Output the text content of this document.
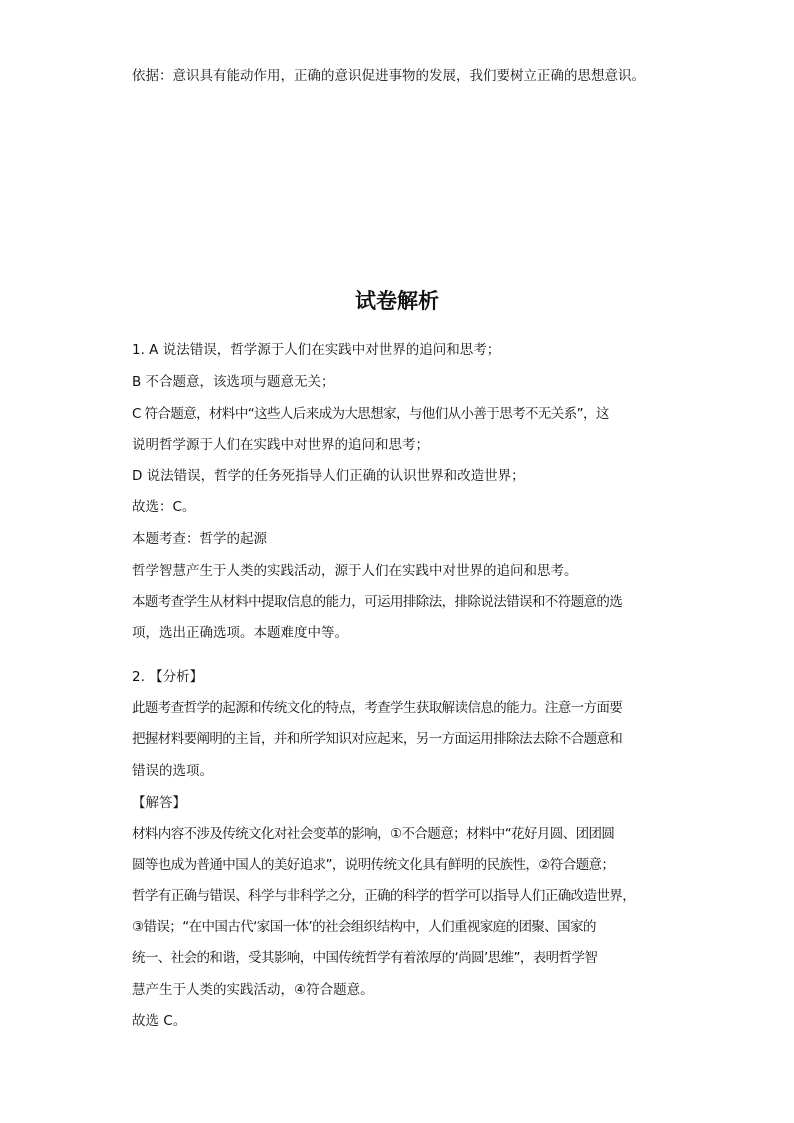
依据：意识具有能动作用，正确的意识促进事物的发展，我们要树立正确的思想意识。
试卷解析
1. A 说法错误，哲学源于人们在实践中对世界的追问和思考；
B 不合题意，该选项与题意无关；
C 符合题意，材料中“这些人后来成为大思想家，与他们从小善于思考不无关系”，这
说明哲学源于人们在实践中对世界的追问和思考；
D 说法错误，哲学的任务死指导人们正确的认识世界和改造世界；
故选：C。
本题考查：哲学的起源
哲学智慧产生于人类的实践活动，源于人们在实践中对世界的追问和思考。
本题考查学生从材料中提取信息的能力，可运用排除法，排除说法错误和不符题意的选
项，选出正确选项。本题难度中等。
2. 【分析】
此题考查哲学的起源和传统文化的特点，考查学生获取解读信息的能力。注意一方面要
把握材料要阐明的主旨，并和所学知识对应起来，另一方面运用排除法去除不合题意和
错误的选项。
【解答】
材料内容不涉及传统文化对社会变革的影响，①不合题意；材料中“花好月圆、团团圆
圆等也成为普通中国人的美好追求”，说明传统文化具有鲜明的民族性，②符合题意；
哲学有正确与错误、科学与非科学之分，正确的科学的哲学可以指导人们正确改造世界，
③错误；“在中国古代‘家国一体’的社会组织结构中，人们重视家庭的团聚、国家的
统一、社会的和谐，受其影响，中国传统哲学有着浓厚的‘尚圆’思维”，表明哲学智
慧产生于人类的实践活动，④符合题意。
故选 C。
